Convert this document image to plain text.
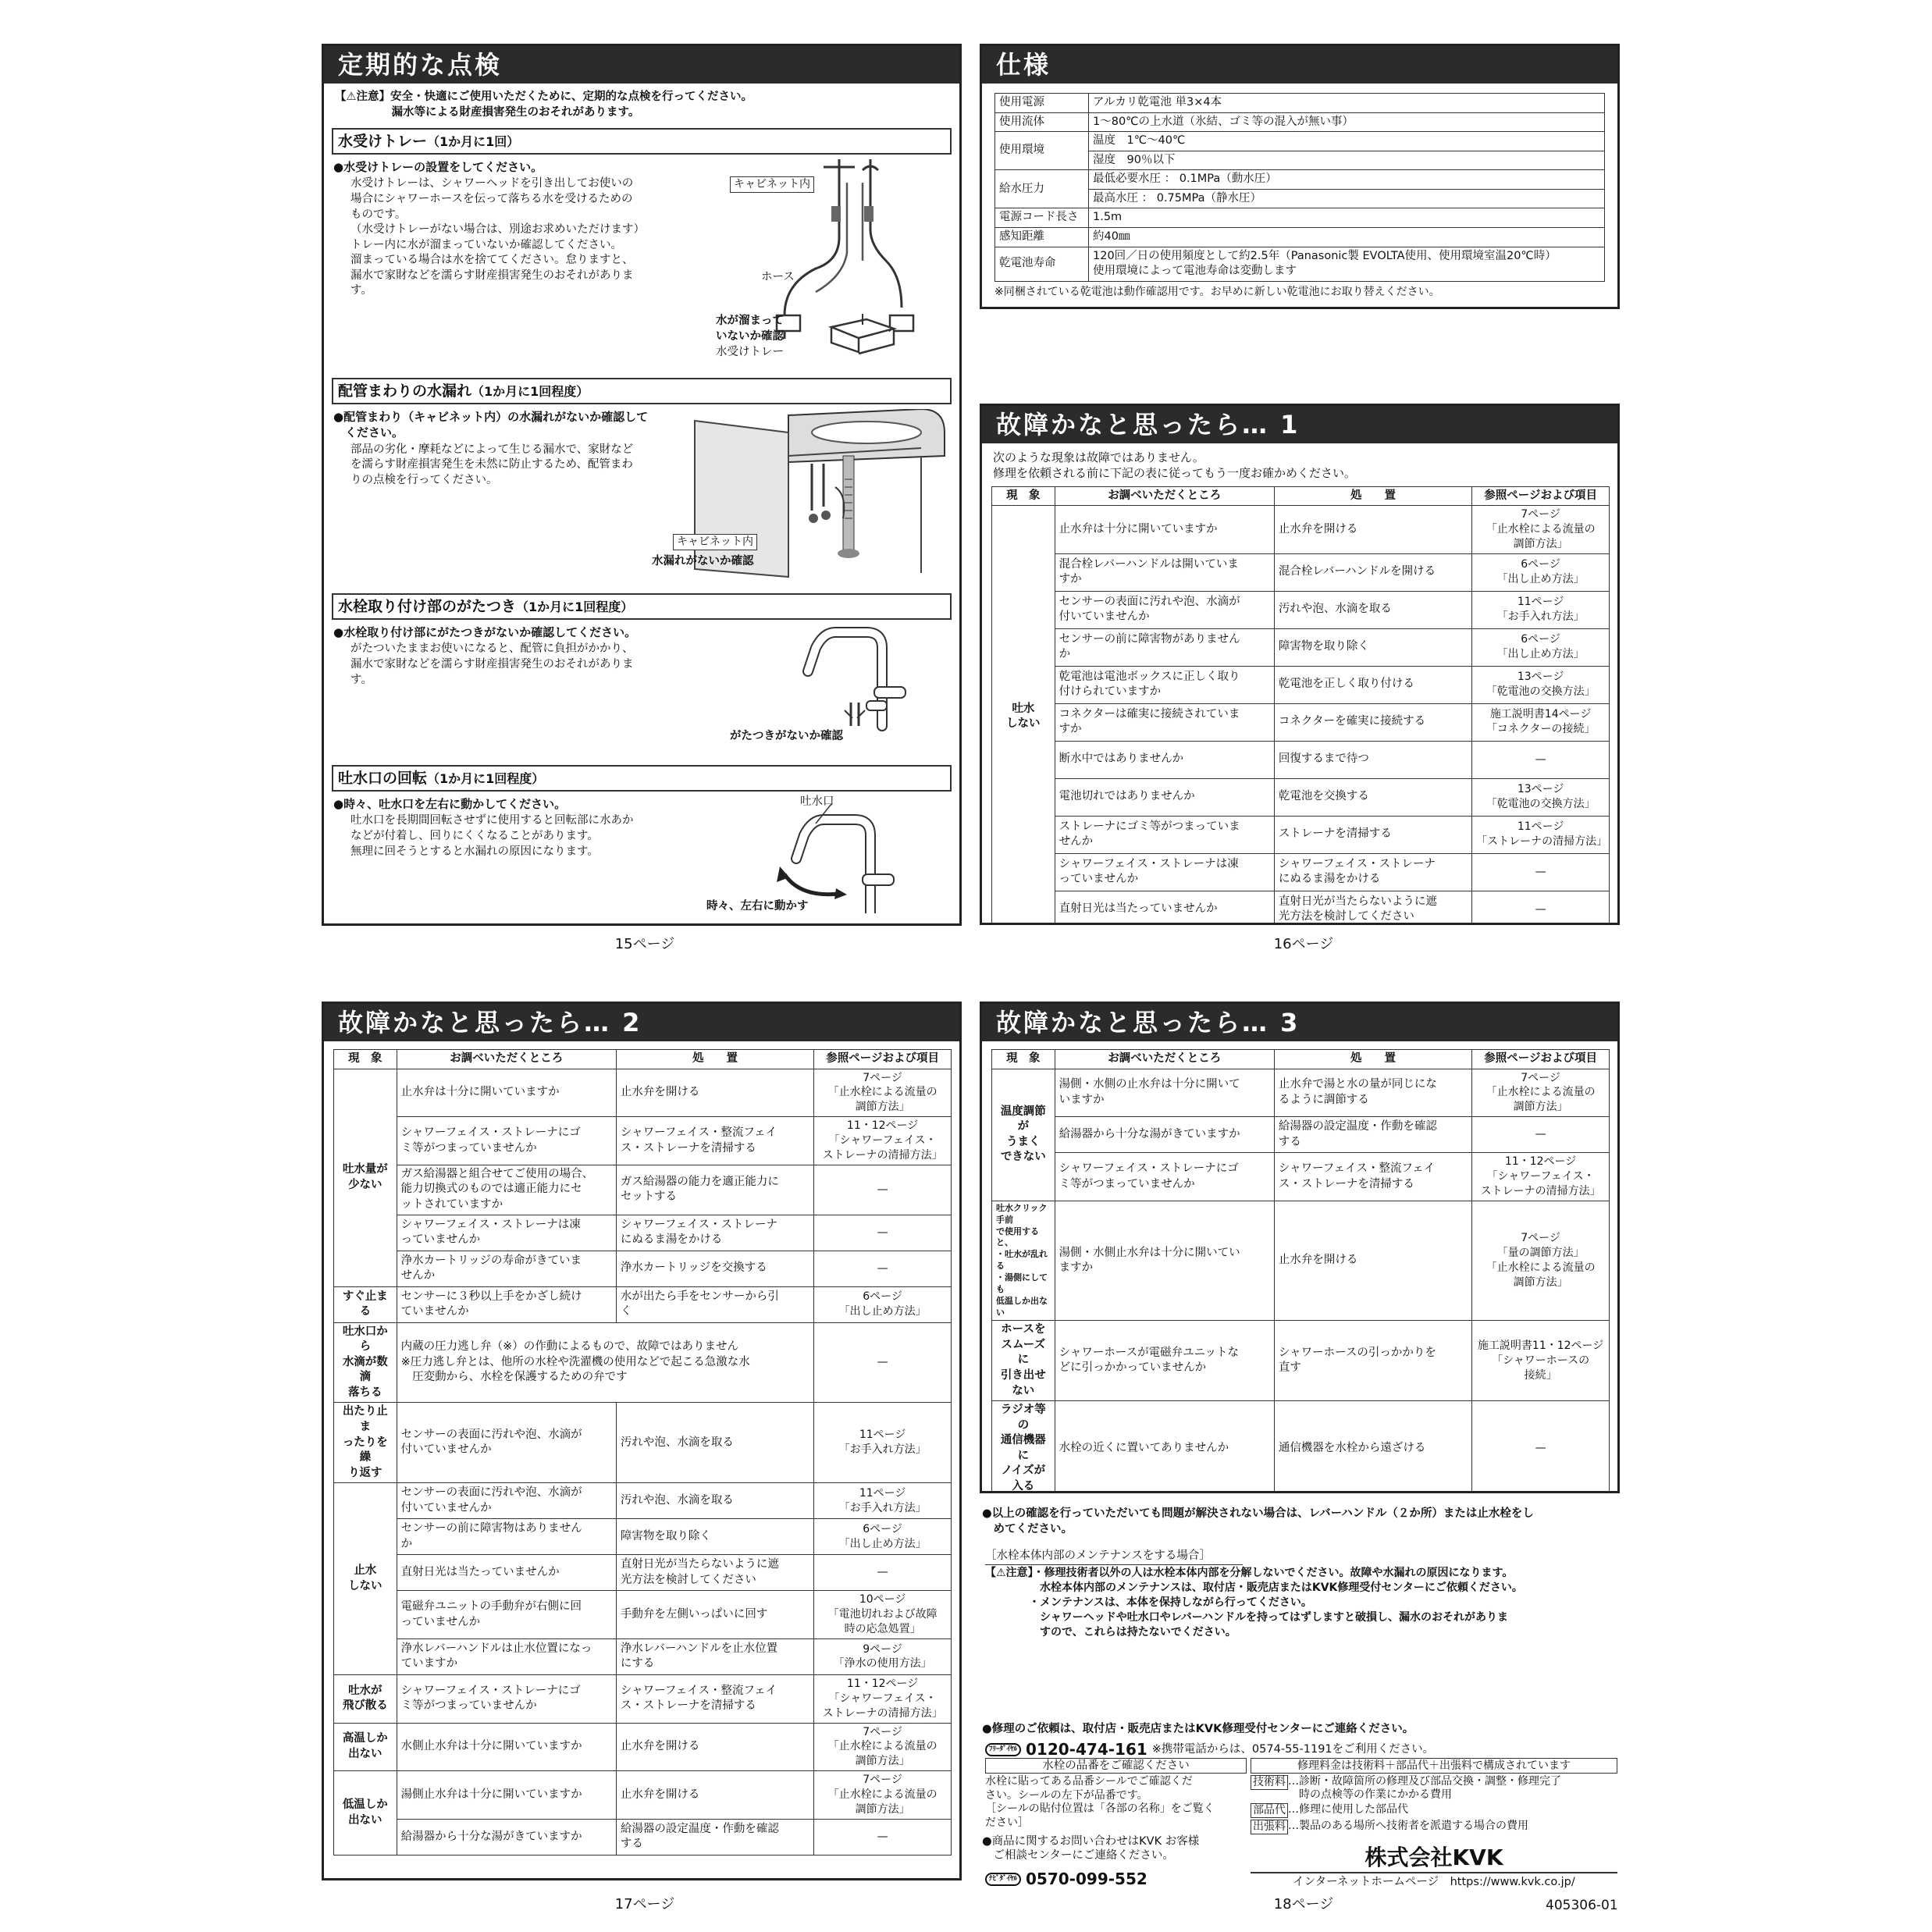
定期的な点検
【⚠注意】安全・快適にご使用いただくために、定期的な点検を行ってください。
　　　　　漏水等による財産損害発生のおそれがあります。
水受けトレー（1か月に1回）
●水受けトレーの設置をしてください。
水受けトレーは、シャワーヘッドを引き出してお使いの
場合にシャワーホースを伝って落ちる水を受けるための
ものです。
（水受けトレーがない場合は、別途お求めいただけます）
トレー内に水が溜まっていないか確認してください。
溜まっている場合は水を捨ててください。怠りますと、
漏水で家財などを濡らす財産損害発生のおそれがありま
す。
キャビネット内
ホース
水が溜まって
いないか確認
水受けトレー
配管まわりの水漏れ（1か月に1回程度）
●配管まわり（キャビネット内）の水漏れがないか確認して
　ください。
部品の劣化・摩耗などによって生じる漏水で、家財など
を濡らす財産損害発生を未然に防止するため、配管まわ
りの点検を行ってください。
キャビネット内
水漏れがないか確認
水栓取り付け部のがたつき（1か月に1回程度）
●水栓取り付け部にがたつきがないか確認してください。
がたついたままお使いになると、配管に負担がかかり、
漏水で家財などを濡らす財産損害発生のおそれがありま
す。
がたつきがないか確認
吐水口の回転（1か月に1回程度）
●時々、吐水口を左右に動かしてください。
吐水口を長期間回転させずに使用すると回転部に水あか
などが付着し、回りにくくなることがあります。
無理に回そうとすると水漏れの原因になります。
吐水口
時々、左右に動かす
15ページ
仕様
使用電源	アルカリ乾電池 単3×4本
使用流体	1～80℃の上水道（氷結、ゴミ等の混入が無い事）
使用環境	温度　1℃～40℃
	湿度　90％以下
給水圧力	最低必要水圧 ： 0.1MPa（動水圧）
	最高水圧 ： 0.75MPa（静水圧）
電源コード長さ	1.5m
感知距離	約40㎜
乾電池寿命	120回／日の使用頻度として約2.5年（Panasonic製 EVOLTA使用、使用環境室温20℃時）
使用環境によって電池寿命は変動します
※同梱されている乾電池は動作確認用です。お早めに新しい乾電池にお取り替えください。
故障かなと思ったら… 1
次のような現象は故障ではありません。
修理を依頼される前に下記の表に従ってもう一度お確かめください。
現　象	お調べいただくところ	処　　置	参照ページおよび項目
吐水
しない	止水弁は十分に開いていますか	止水弁を開ける	7ページ
「止水栓による流量の
調節方法」
	混合栓レバーハンドルは開いていま
すか	混合栓レバーハンドルを開ける	6ページ
「出し止め方法」
	センサーの表面に汚れや泡、水滴が
付いていませんか	汚れや泡、水滴を取る	11ページ
「お手入れ方法」
	センサーの前に障害物がありません
か	障害物を取り除く	6ページ
「出し止め方法」
	乾電池は電池ボックスに正しく取り
付けられていますか	乾電池を正しく取り付ける	13ページ
「乾電池の交換方法」
	コネクターは確実に接続されていま
すか	コネクターを確実に接続する	施工説明書14ページ
「コネクターの接続」
	断水中ではありませんか	回復するまで待つ	—
	電池切れではありませんか	乾電池を交換する	13ページ
「乾電池の交換方法」
	ストレーナにゴミ等がつまっていま
せんか	ストレーナを清掃する	11ページ
「ストレーナの清掃方法」
	シャワーフェイス・ストレーナは凍
っていませんか	シャワーフェイス・ストレーナ
にぬるま湯をかける	—
	直射日光は当たっていませんか	直射日光が当たらないように遮
光方法を検討してください	—
16ページ
故障かなと思ったら… 2
現　象	お調べいただくところ	処　　置	参照ページおよび項目
吐水量が
少ない	止水弁は十分に開いていますか	止水弁を開ける	7ページ
「止水栓による流量の
調節方法」
	シャワーフェイス・ストレーナにゴ
ミ等がつまっていませんか	シャワーフェイス・整流フェイ
ス・ストレーナを清掃する	11・12ページ
「シャワーフェイス・
ストレーナの清掃方法」
	ガス給湯器と組合せてご使用の場合、
能力切換式のものでは適正能力にセ
ットされていますか	ガス給湯器の能力を適正能力に
セットする	—
	シャワーフェイス・ストレーナは凍
っていませんか	シャワーフェイス・ストレーナ
にぬるま湯をかける	—
	浄水カートリッジの寿命がきていま
せんか	浄水カートリッジを交換する	—
すぐ止まる	センサーに３秒以上手をかざし続け
ていませんか	水が出たら手をセンサーから引
く	6ページ
「出し止め方法」
吐水口から
水滴が数滴
落ちる	内蔵の圧力逃し弁（※）の作動によるもので、故障ではありません
※圧力逃し弁とは、他所の水栓や洗濯機の使用などで起こる急激な水
　圧変動から、水栓を保護するための弁です		—
出たり止ま
ったりを繰
り返す	センサーの表面に汚れや泡、水滴が
付いていませんか	汚れや泡、水滴を取る	11ページ
「お手入れ方法」
止水
しない	センサーの表面に汚れや泡、水滴が
付いていませんか	汚れや泡、水滴を取る	11ページ
「お手入れ方法」
	センサーの前に障害物はありません
か	障害物を取り除く	6ページ
「出し止め方法」
	直射日光は当たっていませんか	直射日光が当たらないように遮
光方法を検討してください	—
	電磁弁ユニットの手動弁が右側に回
っていませんか	手動弁を左側いっぱいに回す	10ページ
「電池切れおよび故障
時の応急処置」
	浄水レバーハンドルは止水位置になっ
ていますか	浄水レバーハンドルを止水位置
にする	9ページ
「浄水の使用方法」
吐水が
飛び散る	シャワーフェイス・ストレーナにゴ
ミ等がつまっていませんか	シャワーフェイス・整流フェイ
ス・ストレーナを清掃する	11・12ページ
「シャワーフェイス・
ストレーナの清掃方法」
高温しか
出ない	水側止水弁は十分に開いていますか	止水弁を開ける	7ページ
「止水栓による流量の
調節方法」
低温しか
出ない	湯側止水弁は十分に開いていますか	止水弁を開ける	7ページ
「止水栓による流量の
調節方法」
	給湯器から十分な湯がきていますか	給湯器の設定温度・作動を確認
する	—
17ページ
故障かなと思ったら… 3
現　象	お調べいただくところ	処　　置	参照ページおよび項目
温度調節が
うまく
できない	湯側・水側の止水弁は十分に開いて
いますか	止水弁で湯と水の量が同じにな
るように調節する	7ページ
「止水栓による流量の
調節方法」
	給湯器から十分な湯がきていますか	給湯器の設定温度・作動を確認
する	—
	シャワーフェイス・ストレーナにゴ
ミ等がつまっていませんか	シャワーフェイス・整流フェイ
ス・ストレーナを清掃する	11・12ページ
「シャワーフェイス・
ストレーナの清掃方法」
吐水クリック手前
で使用すると、
・吐水が乱れる
・湯側にしても
低温しか出ない	湯側・水側止水弁は十分に開いてい
ますか	止水弁を開ける	7ページ
「量の調節方法」
「止水栓による流量の
調節方法」
ホースを
スムーズに
引き出せない	シャワーホースが電磁弁ユニットな
どに引っかかっていませんか	シャワーホースの引っかかりを
直す	施工説明書11・12ページ
「シャワーホースの
接続」
ラジオ等の
通信機器に
ノイズが入る	水栓の近くに置いてありませんか	通信機器を水栓から遠ざける	—

●以上の確認を行っていただいても問題が解決されない場合は、レバーハンドル（２か所）または止水栓をし
　めてください。
［水栓本体内部のメンテナンスをする場合］
【⚠注意】・修理技術者以外の人は水栓本体内部を分解しないでください。故障や水漏れの原因になります。
　　　　　水栓本体内部のメンテナンスは、取付店・販売店またはKVK修理受付センターにご依頼ください。
　　　　・メンテナンスは、本体を保持しながら行ってください。
　　　　　シャワーヘッドや吐水口やレバーハンドルを持ってはずしますと破損し、漏水のおそれがありま
　　　　　すので、これらは持たないでください。
●修理のご依頼は、取付店・販売店またはKVK修理受付センターにご連絡ください。
ﾌﾘｰﾀﾞｲﾔﾙ 0120-474-161 ※携帯電話からは、0574-55-1191をご利用ください。
水栓の品番をご確認ください
水栓に貼ってある品番シールでご確認くだ
さい。シールの左下が品番です。
［シールの貼付位置は「各部の名称」をご覧く
ださい］
修理料金は技術料＋部品代＋出張料で構成されています
技術料 …診断・故障箇所の修理及び部品交換・調整・修理完了
　時の点検等の作業にかかる費用
部品代 …修理に使用した部品代
出張料 …製品のある場所へ技術者を派遣する場合の費用
●商品に関するお問い合わせはKVK お客様
　ご相談センターにご連絡ください。
ﾅﾋﾞﾀﾞｲﾔﾙ 0570-099-552
株式会社KVK
インターネットホームページ　https://www.kvk.co.jp/
18ページ	405306-01
